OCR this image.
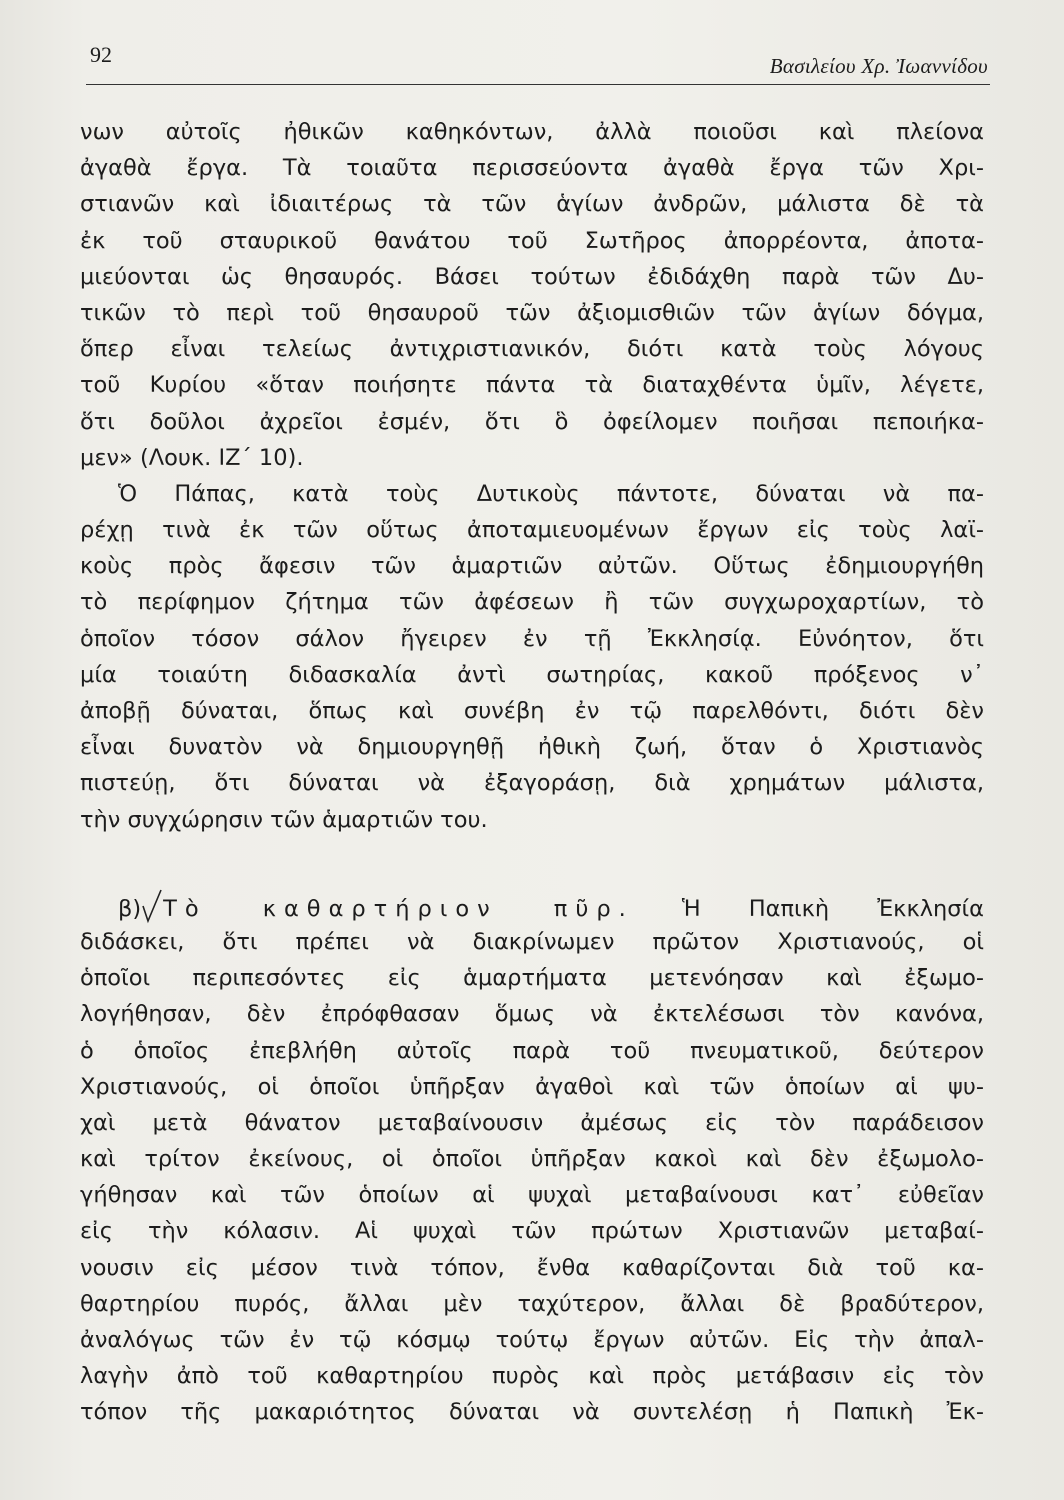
92	Βασιλείου Χρ. Ἰωαννίδου
νων αὐτοῖς ἠθικῶν καθηκόντων, ἀλλὰ ποιοῦσι καὶ πλείονα
ἀγαθὰ ἔργα. Τὰ τοιαῦτα περισσεύοντα ἀγαθὰ ἔργα τῶν Χρι-
στιανῶν καὶ ἰδιαιτέρως τὰ τῶν ἁγίων ἀνδρῶν, μάλιστα δὲ τὰ
ἐκ τοῦ σταυρικοῦ θανάτου τοῦ Σωτῆρος ἀπορρέοντα, ἀποτα-
μιεύονται ὡς θησαυρός. Βάσει τούτων ἐδιδάχθη παρὰ τῶν Δυ-
τικῶν τὸ περὶ τοῦ θησαυροῦ τῶν ἀξιομισθιῶν τῶν ἁγίων δόγμα,
ὅπερ εἶναι τελείως ἀντιχριστιανικόν, διότι κατὰ τοὺς λόγους
τοῦ Κυρίου «ὅταν ποιήσητε πάντα τὰ διαταχθέντα ὑμῖν, λέγετε,
ὅτι δοῦλοι ἀχρεῖοι ἐσμέν, ὅτι ὃ ὀφείλομεν ποιῆσαι πεποιήκα-
μεν» (Λουκ. ΙΖ΄ 10).
Ὁ Πάπας, κατὰ τοὺς Δυτικοὺς πάντοτε, δύναται νὰ πα-
ρέχῃ τινὰ ἐκ τῶν οὕτως ἀποταμιευομένων ἔργων εἰς τοὺς λαϊ-
κοὺς πρὸς ἄφεσιν τῶν ἁμαρτιῶν αὐτῶν. Οὕτως ἐδημιουργήθη
τὸ περίφημον ζήτημα τῶν ἀφέσεων ἢ τῶν συγχωροχαρτίων, τὸ
ὁποῖον τόσον σάλον ἤγειρεν ἐν τῇ Ἐκκλησίᾳ. Εὐνόητον, ὅτι
μία τοιαύτη διδασκαλία ἀντὶ σωτηρίας, κακοῦ πρόξενος ν᾿
ἀποβῇ δύναται, ὅπως καὶ συνέβη ἐν τῷ παρελθόντι, διότι δὲν
εἶναι δυνατὸν νὰ δημιουργηθῇ ἠθικὴ ζωή, ὅταν ὁ Χριστιανὸς
πιστεύῃ, ὅτι δύναται νὰ ἐξαγοράσῃ, διὰ χρημάτων μάλιστα,
τὴν συγχώρησιν τῶν ἁμαρτιῶν του.
β) Τὸ καθαρτήριον πῦρ. Ἡ Παπικὴ Ἐκκλησία
διδάσκει, ὅτι πρέπει νὰ διακρίνωμεν πρῶτον Χριστιανούς, οἱ
ὁποῖοι περιπεσόντες εἰς ἁμαρτήματα μετενόησαν καὶ ἐξωμο-
λογήθησαν, δὲν ἐπρόφθασαν ὅμως νὰ ἐκτελέσωσι τὸν κανόνα,
ὁ ὁποῖος ἐπεβλήθη αὐτοῖς παρὰ τοῦ πνευματικοῦ, δεύτερον
Χριστιανούς, οἱ ὁποῖοι ὑπῆρξαν ἀγαθοὶ καὶ τῶν ὁποίων αἱ ψυ-
χαὶ μετὰ θάνατον μεταβαίνουσιν ἀμέσως εἰς τὸν παράδεισον
καὶ τρίτον ἐκείνους, οἱ ὁποῖοι ὑπῆρξαν κακοὶ καὶ δὲν ἐξωμολο-
γήθησαν καὶ τῶν ὁποίων αἱ ψυχαὶ μεταβαίνουσι κατ᾿ εὐθεῖαν
εἰς τὴν κόλασιν. Αἱ ψυχαὶ τῶν πρώτων Χριστιανῶν μεταβαί-
νουσιν εἰς μέσον τινὰ τόπον, ἔνθα καθαρίζονται διὰ τοῦ κα-
θαρτηρίου πυρός, ἄλλαι μὲν ταχύτερον, ἄλλαι δὲ βραδύτερον,
ἀναλόγως τῶν ἐν τῷ κόσμῳ τούτῳ ἔργων αὐτῶν. Εἰς τὴν ἀπαλ-
λαγὴν ἀπὸ τοῦ καθαρτηρίου πυρὸς καὶ πρὸς μετάβασιν εἰς τὸν
τόπον τῆς μακαριότητος δύναται νὰ συντελέσῃ ἡ Παπικὴ Ἐκ-
